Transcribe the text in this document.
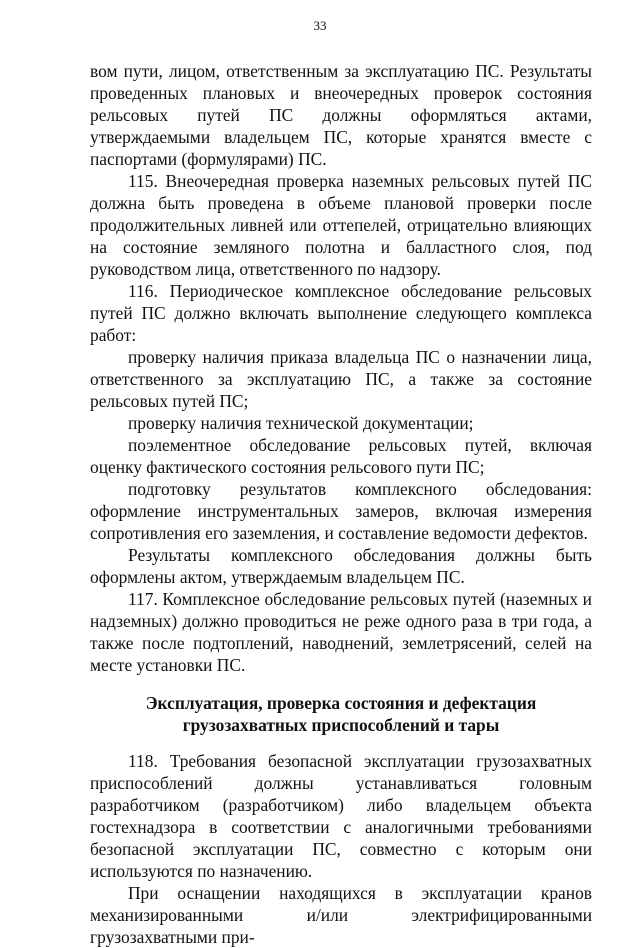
33

вом пути, лицом, ответственным за эксплуатацию ПС. Результаты проведенных плановых и внеочередных проверок состояния рельсовых путей ПС должны оформляться актами, утверждаемыми владельцем ПС, которые хранятся вместе с паспортами (формулярами) ПС.

115. Внеочередная проверка наземных рельсовых путей ПС должна быть проведена в объеме плановой проверки после продолжительных ливней или оттепелей, отрицательно влияющих на состояние земляного полотна и балластного слоя, под руководством лица, ответственного по надзору.

116. Периодическое комплексное обследование рельсовых путей ПС должно включать выполнение следующего комплекса работ:

проверку наличия приказа владельца ПС о назначении лица, ответственного за эксплуатацию ПС, а также за состояние рельсовых путей ПС;

проверку наличия технической документации;

поэлементное обследование рельсовых путей, включая оценку фактического состояния рельсового пути ПС;

подготовку результатов комплексного обследования: оформление инструментальных замеров, включая измерения сопротивления его заземления, и составление ведомости дефектов.

Результаты комплексного обследования должны быть оформлены актом, утверждаемым владельцем ПС.

117. Комплексное обследование рельсовых путей (наземных и надземных) должно проводиться не реже одного раза в три года, а также после подтоплений, наводнений, землетрясений, селей на месте установки ПС.

Эксплуатация, проверка состояния и дефектация
грузозахватных приспособлений и тары

118. Требования безопасной эксплуатации грузозахватных приспособлений должны устанавливаться головным разработчиком (разработчиком) либо владельцем объекта гостехнадзора в соответствии с аналогичными требованиями безопасной эксплуатации ПС, совместно с которым они используются по назначению.

При оснащении находящихся в эксплуатации кранов механизированными и/или электрифицированными грузозахватными при-
